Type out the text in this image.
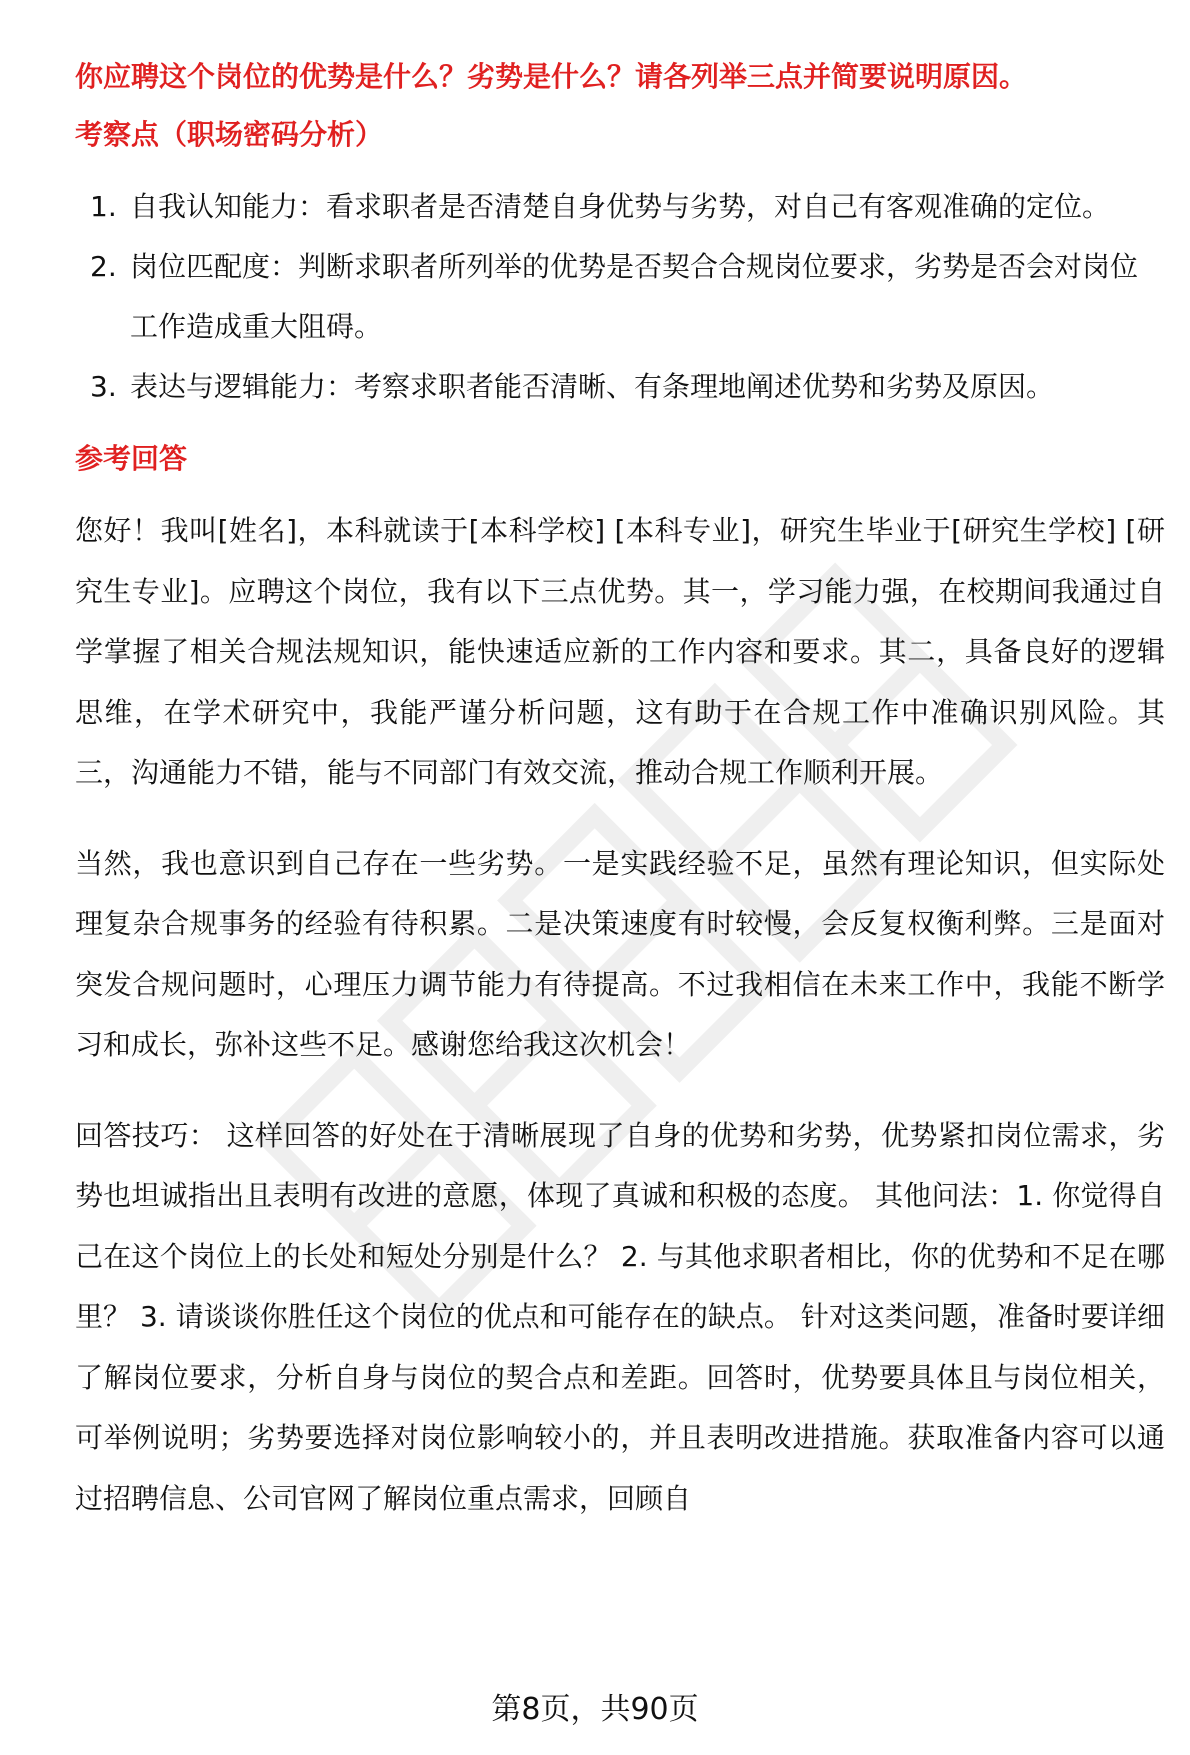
你应聘这个岗位的优势是什么？劣势是什么？请各列举三点并简要说明原因。
考察点（职场密码分析）
1. 自我认知能力：看求职者是否清楚自身优势与劣势，对自己有客观准确的定位。
2. 岗位匹配度：判断求职者所列举的优势是否契合合规岗位要求，劣势是否会对岗位工作造成重大阻碍。
3. 表达与逻辑能力：考察求职者能否清晰、有条理地阐述优势和劣势及原因。
参考回答

您好！我叫[姓名]，本科就读于[本科学校] [本科专业]，研究生毕业于[研究生学校] [研究生专业]。应聘这个岗位，我有以下三点优势。其一，学习能力强，在校期间我通过自学掌握了相关合规法规知识，能快速适应新的工作内容和要求。其二，具备良好的逻辑思维，在学术研究中，我能严谨分析问题，这有助于在合规工作中准确识别风险。其三，沟通能力不错，能与不同部门有效交流，推动合规工作顺利开展。

当然，我也意识到自己存在一些劣势。一是实践经验不足，虽然有理论知识，但实际处理复杂合规事务的经验有待积累。二是决策速度有时较慢，会反复权衡利弊。三是面对突发合规问题时，心理压力调节能力有待提高。不过我相信在未来工作中，我能不断学习和成长，弥补这些不足。感谢您给我这次机会！

回答技巧： 这样回答的好处在于清晰展现了自身的优势和劣势，优势紧扣岗位需求，劣势也坦诚指出且表明有改进的意愿，体现了真诚和积极的态度。 其他问法：1. 你觉得自己在这个岗位上的长处和短处分别是什么？ 2. 与其他求职者相比，你的优势和不足在哪里？ 3. 请谈谈你胜任这个岗位的优点和可能存在的缺点。 针对这类问题，准备时要详细了解岗位要求，分析自身与岗位的契合点和差距。回答时，优势要具体且与岗位相关，可举例说明；劣势要选择对岗位影响较小的，并且表明改进措施。获取准备内容可以通过招聘信息、公司官网了解岗位重点需求，回顾自

第8页，共90页
